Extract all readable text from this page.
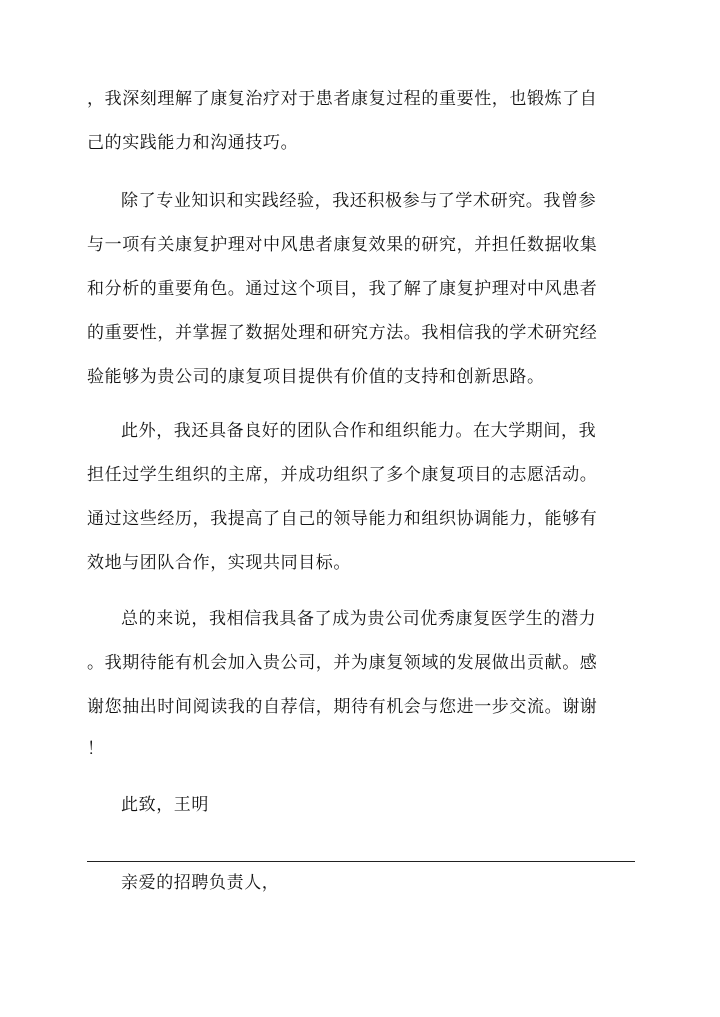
，我深刻理解了康复治疗对于患者康复过程的重要性，也锻炼了自
己的实践能力和沟通技巧。
除了专业知识和实践经验，我还积极参与了学术研究。我曾参
与一项有关康复护理对中风患者康复效果的研究，并担任数据收集
和分析的重要角色。通过这个项目，我了解了康复护理对中风患者
的重要性，并掌握了数据处理和研究方法。我相信我的学术研究经
验能够为贵公司的康复项目提供有价值的支持和创新思路。
此外，我还具备良好的团队合作和组织能力。在大学期间，我
担任过学生组织的主席，并成功组织了多个康复项目的志愿活动。
通过这些经历，我提高了自己的领导能力和组织协调能力，能够有
效地与团队合作，实现共同目标。
总的来说，我相信我具备了成为贵公司优秀康复医学生的潜力
。我期待能有机会加入贵公司，并为康复领域的发展做出贡献。感
谢您抽出时间阅读我的自荐信，期待有机会与您进一步交流。谢谢
！
此致，王明
亲爱的招聘负责人，
